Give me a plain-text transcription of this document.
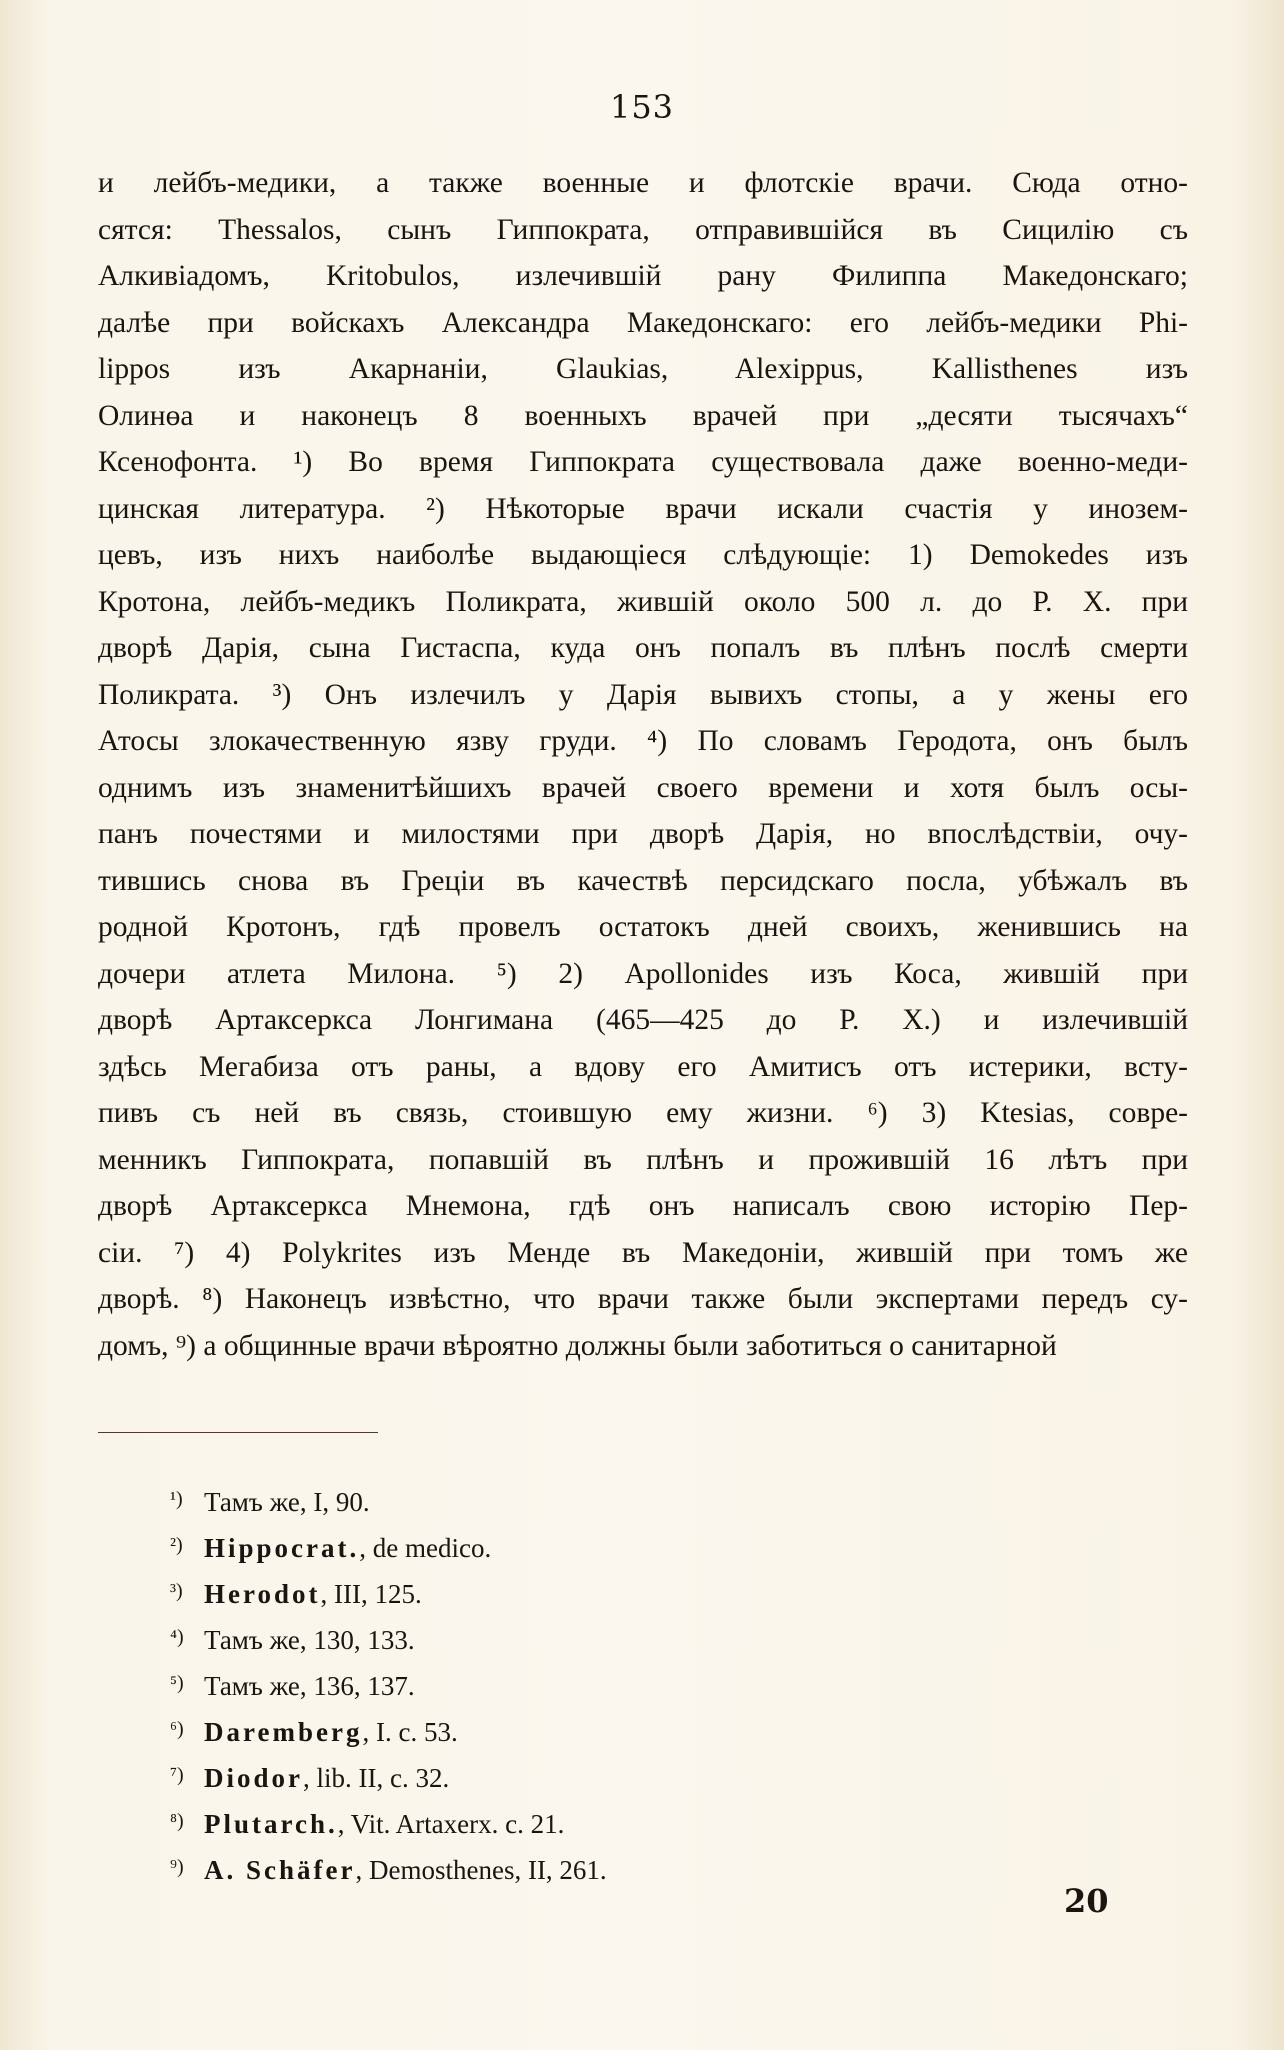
153
и лейбъ-медики, а также военные и флотскіе врачи. Сюда отно-
сятся: Thessalos, сынъ Гиппократа, отправившійся въ Сицилію съ
Алкивіадомъ, Kritobulos, излечившій рану Филиппа Македонскаго;
далѣе при войскахъ Александра Македонскаго: его лейбъ-медики Phi-
lippos изъ Акарнаніи, Glaukias, Alexippus, Kallisthenes изъ
Олинөа и наконецъ 8 военныхъ врачей при „десяти тысячахъ“
Ксенофонта. ¹) Во время Гиппократа существовала даже военно-меди-
цинская литература. ²) Нѣкоторые врачи искали счастія у инозем-
цевъ, изъ нихъ наиболѣе выдающіеся слѣдующіе: 1) Demokedes изъ
Кротона, лейбъ-медикъ Поликрата, жившій около 500 л. до Р. Х. при
дворѣ Дарія, сына Гистаспа, куда онъ попалъ въ плѣнъ послѣ смерти
Поликрата. ³) Онъ излечилъ у Дарія вывихъ стопы, а у жены его
Атосы злокачественную язву груди. ⁴) По словамъ Геродота, онъ былъ
однимъ изъ знаменитѣйшихъ врачей своего времени и хотя былъ осы-
панъ почестями и милостями при дворѣ Дарія, но впослѣдствіи, очу-
тившись снова въ Греціи въ качествѣ персидскаго посла, убѣжалъ въ
родной Кротонъ, гдѣ провелъ остатокъ дней своихъ, женившись на
дочери атлета Милона. ⁵) 2) Apollonides изъ Коса, жившій при
дворѣ Артаксеркса Лонгимана (465—425 до Р. Х.) и излечившій
здѣсь Мегабиза отъ раны, а вдову его Амитисъ отъ истерики, всту-
пивъ съ ней въ связь, стоившую ему жизни. ⁶) 3) Ktesias, совре-
менникъ Гиппократа, попавшій въ плѣнъ и прожившій 16 лѣтъ при
дворѣ Артаксеркса Мнемона, гдѣ онъ написалъ свою исторію Пер-
сіи. ⁷) 4) Polykrites изъ Менде въ Македоніи, жившій при томъ же
дворѣ. ⁸) Наконецъ извѣстно, что врачи также были экспертами передъ су-
домъ, ⁹) а общинные врачи вѣроятно должны были заботиться о санитарной
¹) Тамъ же, I, 90.
²) Hippocrat., de medico.
³) Herodot, III, 125.
⁴) Тамъ же, 130, 133.
⁵) Тамъ же, 136, 137.
⁶) Daremberg, I. c. 53.
⁷) Diodor, lib. II, c. 32.
⁸) Plutarch., Vit. Artaxerx. c. 21.
⁹) A. Schäfer, Demosthenes, II, 261.
20
